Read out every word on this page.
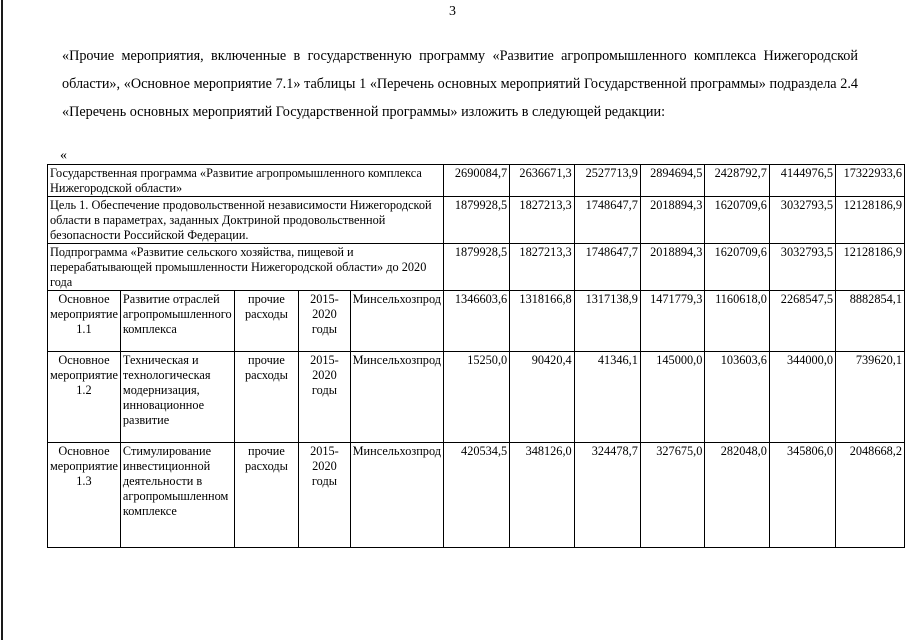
3
«Прочие мероприятия, включенные в государственную программу «Развитие агропромышленного комплекса Нижегородской области», «Основное мероприятие 7.1» таблицы 1 «Перечень основных мероприятий Государственной программы» подраздела 2.4 «Перечень основных мероприятий Государственной программы» изложить в следующей редакции:
«
Государственная программа «Развитие агропромышленного комплекса Нижегородской области»					2690084,7	2636671,3	2527713,9	2894694,5	2428792,7	4144976,5	17322933,6
Цель 1. Обеспечение продовольственной независимости Нижегородской области в параметрах, заданных Доктриной продовольственной безопасности Российской Федерации.					1879928,5	1827213,3	1748647,7	2018894,3	1620709,6	3032793,5	12128186,9
Подпрограмма «Развитие сельского хозяйства, пищевой и перерабатывающей промышленности Нижегородской области» до 2020 года					1879928,5	1827213,3	1748647,7	2018894,3	1620709,6	3032793,5	12128186,9
Основное мероприятие 1.1	Развитие отраслей агропромышленного комплекса	прочие расходы	2015-2020 годы	Минсельхозпрод	1346603,6	1318166,8	1317138,9	1471779,3	1160618,0	2268547,5	8882854,1
Основное мероприятие 1.2	Техническая и технологическая модернизация, инновационное развитие	прочие расходы	2015-2020 годы	Минсельхозпрод	15250,0	90420,4	41346,1	145000,0	103603,6	344000,0	739620,1
Основное мероприятие 1.3	Стимулирование инвестиционной деятельности в агропромышленном комплексе	прочие расходы	2015-2020 годы	Минсельхозпрод	420534,5	348126,0	324478,7	327675,0	282048,0	345806,0	2048668,2
